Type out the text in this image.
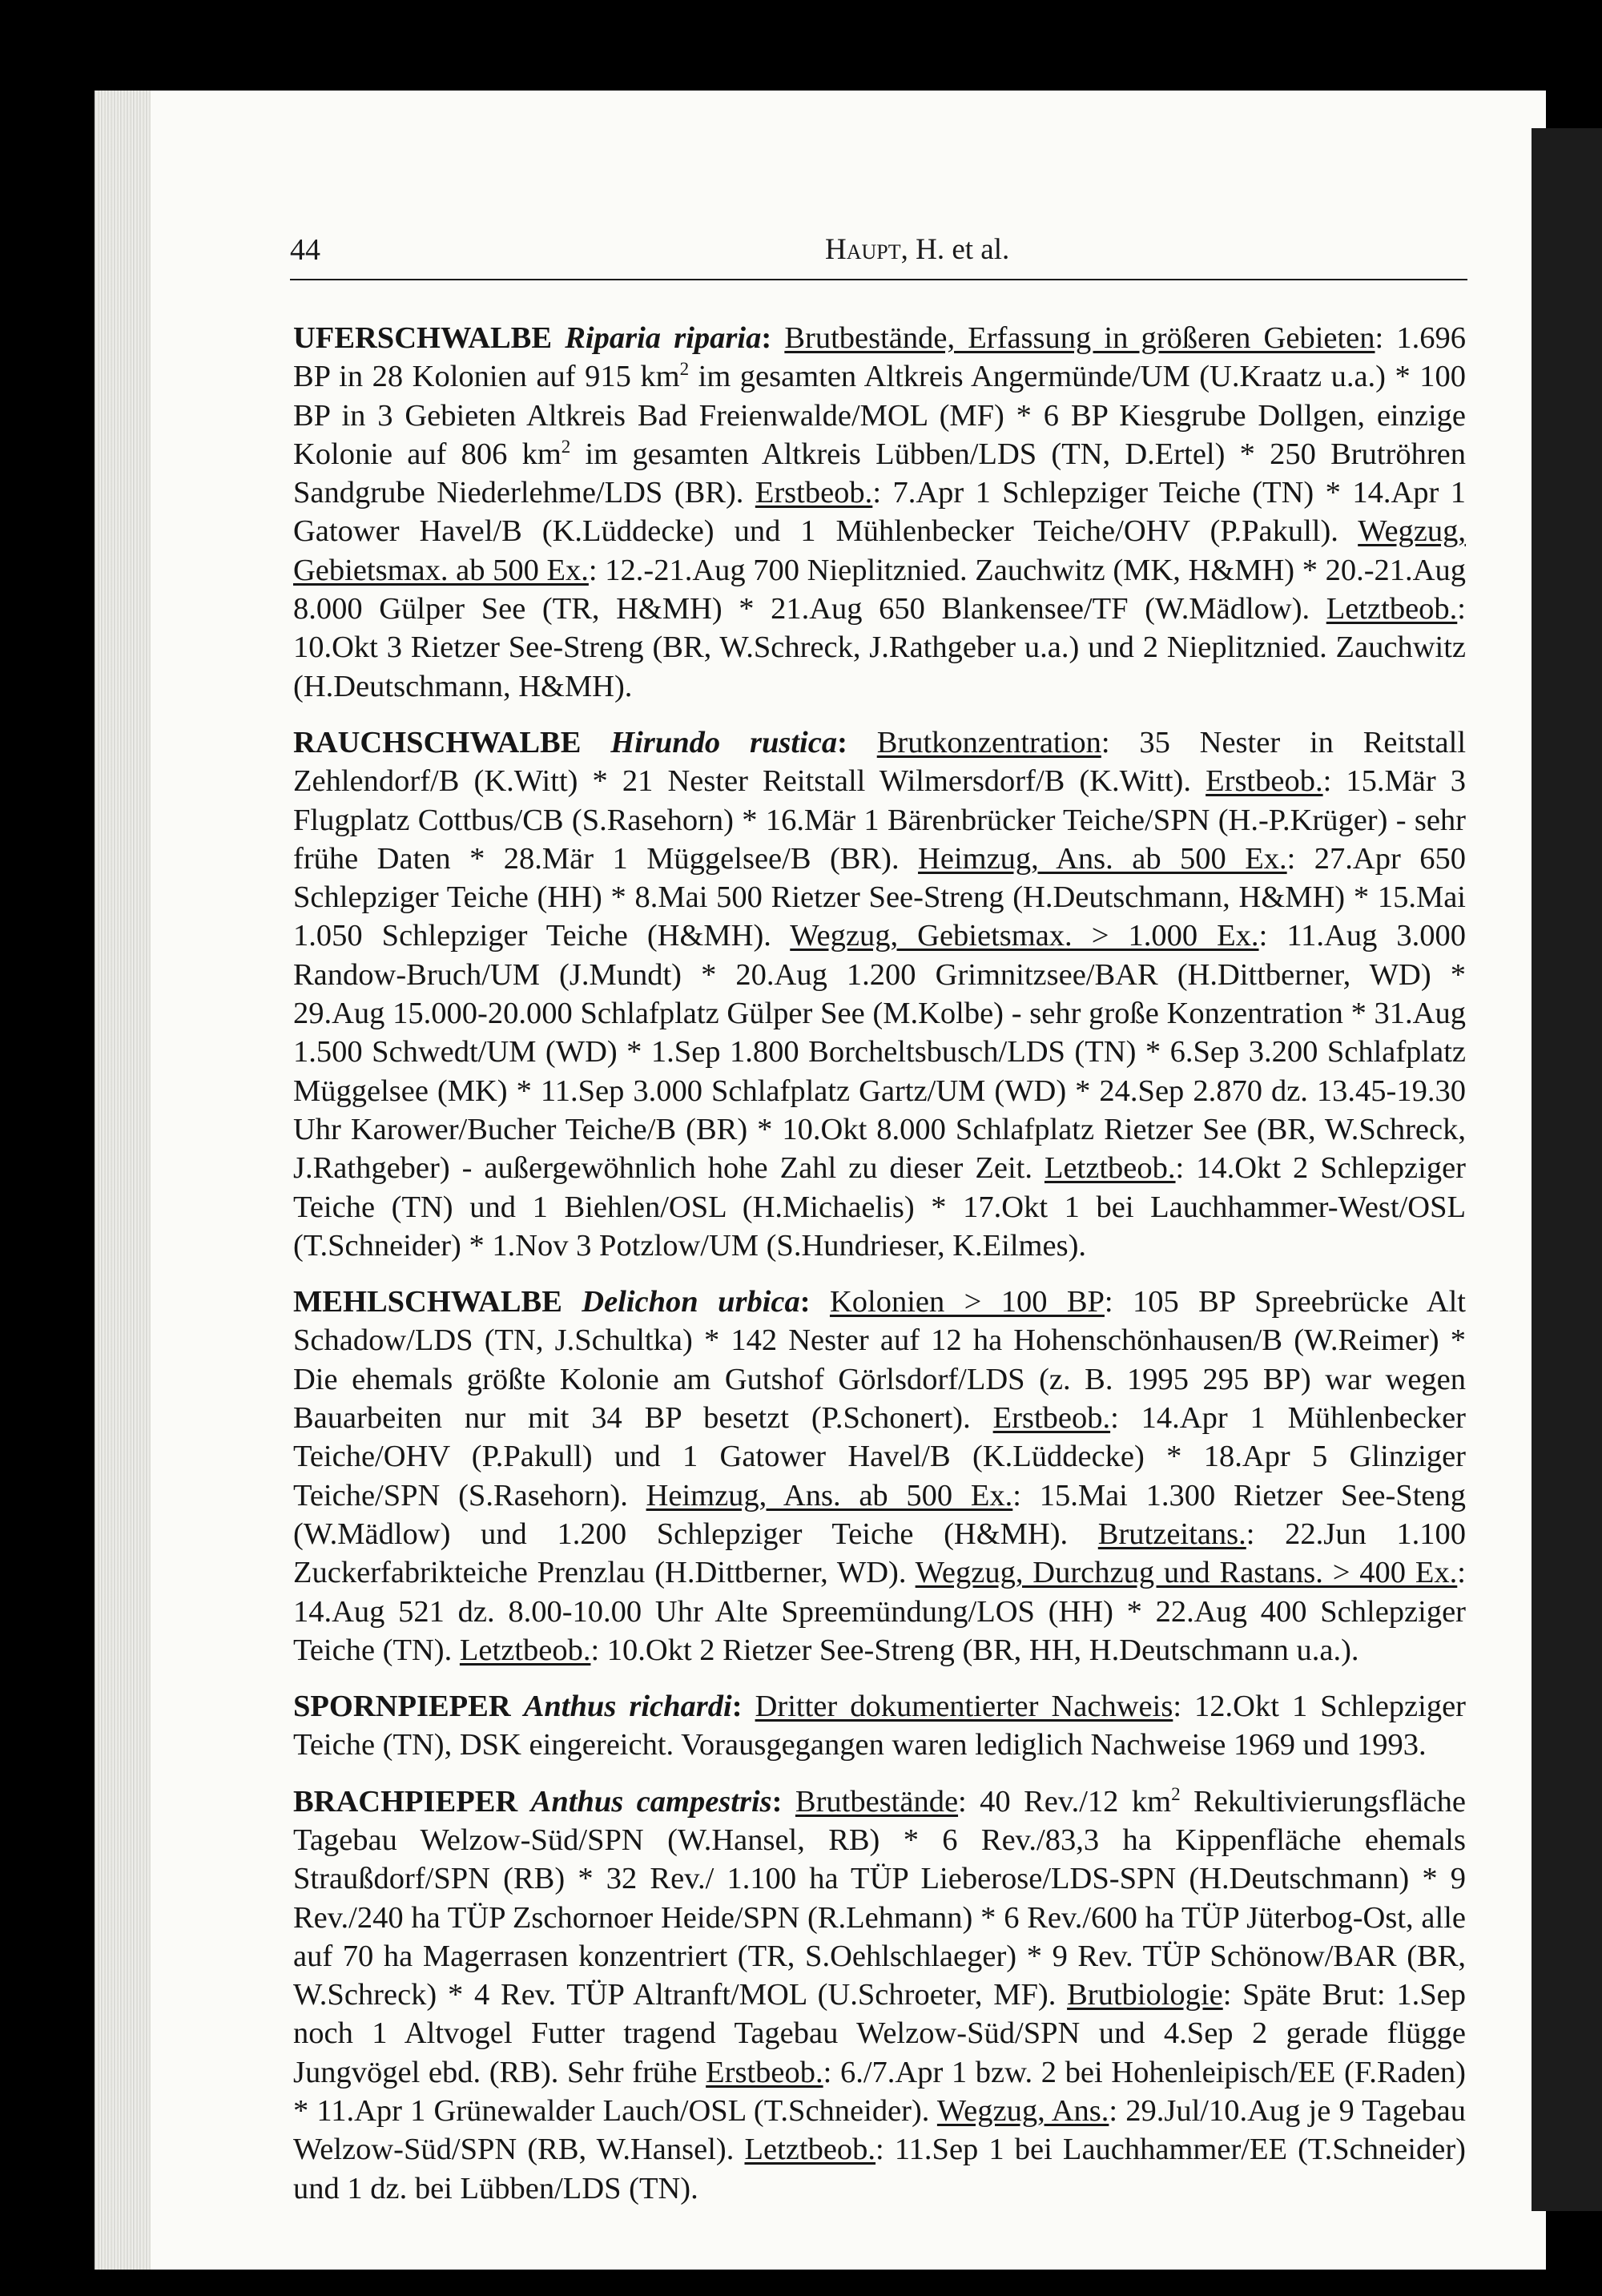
44	Haupt, H. et al.

UFERSCHWALBE Riparia riparia: Brutbestände, Erfassung in größeren Gebieten: 1.696 BP in 28 Kolonien auf 915 $km^2$ im gesamten Altkreis Angermünde/UM (U.Kraatz u.a.) * 100 BP in 3 Gebieten Altkreis Bad Freienwalde/MOL (MF) * 6 BP Kiesgrube Dollgen, einzige Kolonie auf 806 $km^2$ im gesamten Altkreis Lübben/LDS (TN, D.Ertel) * 250 Brutröhren Sandgrube Niederlehme/LDS (BR). Erstbeob.: 7.Apr 1 Schlepziger Teiche (TN) * 14.Apr 1 Gatower Havel/B (K.Lüddecke) und 1 Mühlenbecker Teiche/OHV (P.Pakull). Wegzug, Gebietsmax. ab 500 Ex.: 12.-21.Aug 700 Nieplitznied. Zauchwitz (MK, H&MH) * 20.-21.Aug 8.000 Gülper See (TR, H&MH) * 21.Aug 650 Blankensee/TF (W.Mädlow). Letztbeob.: 10.Okt 3 Rietzer See-Streng (BR, W.Schreck, J.Rathgeber u.a.) und 2 Nieplitznied. Zauchwitz (H.Deutschmann, H&MH).

RAUCHSCHWALBE Hirundo rustica: Brutkonzentration: 35 Nester in Reitstall Zehlendorf/B (K.Witt) * 21 Nester Reitstall Wilmersdorf/B (K.Witt). Erstbeob.: 15.Mär 3 Flugplatz Cottbus/CB (S.Rasehorn) * 16.Mär 1 Bärenbrücker Teiche/SPN (H.-P.Krüger) - sehr frühe Daten * 28.Mär 1 Müggelsee/B (BR). Heimzug, Ans. ab 500 Ex.: 27.Apr 650 Schlepziger Teiche (HH) * 8.Mai 500 Rietzer See-Streng (H.Deutschmann, H&MH) * 15.Mai 1.050 Schlepziger Teiche (H&MH). Wegzug, Gebietsmax. > 1.000 Ex.: 11.Aug 3.000 Randow-Bruch/UM (J.Mundt) * 20.Aug 1.200 Grimnitzsee/BAR (H.Dittberner, WD) * 29.Aug 15.000-20.000 Schlafplatz Gülper See (M.Kolbe) - sehr große Konzentration * 31.Aug 1.500 Schwedt/UM (WD) * 1.Sep 1.800 Borcheltsbusch/LDS (TN) * 6.Sep 3.200 Schlafplatz Müggelsee (MK) * 11.Sep 3.000 Schlafplatz Gartz/UM (WD) * 24.Sep 2.870 dz. 13.45-19.30 Uhr Karower/Bucher Teiche/B (BR) * 10.Okt 8.000 Schlafplatz Rietzer See (BR, W.Schreck, J.Rathgeber) - außergewöhnlich hohe Zahl zu dieser Zeit. Letztbeob.: 14.Okt 2 Schlepziger Teiche (TN) und 1 Biehlen/OSL (H.Michaelis) * 17.Okt 1 bei Lauchhammer-West/OSL (T.Schneider) * 1.Nov 3 Potzlow/UM (S.Hundrieser, K.Eilmes).

MEHLSCHWALBE Delichon urbica: Kolonien > 100 BP: 105 BP Spreebrücke Alt Schadow/LDS (TN, J.Schultka) * 142 Nester auf 12 ha Hohenschönhausen/B (W.Reimer) * Die ehemals größte Kolonie am Gutshof Görlsdorf/LDS (z. B. 1995 295 BP) war wegen Bauarbeiten nur mit 34 BP besetzt (P.Schonert). Erstbeob.: 14.Apr 1 Mühlenbecker Teiche/OHV (P.Pakull) und 1 Gatower Havel/B (K.Lüddecke) * 18.Apr 5 Glinziger Teiche/SPN (S.Rasehorn). Heimzug, Ans. ab 500 Ex.: 15.Mai 1.300 Rietzer See-Steng (W.Mädlow) und 1.200 Schlepziger Teiche (H&MH). Brutzeitans.: 22.Jun 1.100 Zuckerfabrikteiche Prenzlau (H.Dittberner, WD). Wegzug, Durchzug und Rastans. > 400 Ex.: 14.Aug 521 dz. 8.00-10.00 Uhr Alte Spreemündung/LOS (HH) * 22.Aug 400 Schlepziger Teiche (TN). Letztbeob.: 10.Okt 2 Rietzer See-Streng (BR, HH, H.Deutschmann u.a.).

SPORNPIEPER Anthus richardi: Dritter dokumentierter Nachweis: 12.Okt 1 Schlepziger Teiche (TN), DSK eingereicht. Vorausgegangen waren lediglich Nachweise 1969 und 1993.

BRACHPIEPER Anthus campestris: Brutbestände: 40 Rev./12 $km^2$ Rekultivierungsfläche Tagebau Welzow-Süd/SPN (W.Hansel, RB) * 6 Rev./83,3 ha Kippenfläche ehemals Straußdorf/SPN (RB) * 32 Rev./ 1.100 ha TÜP Lieberose/LDS-SPN (H.Deutschmann) * 9 Rev./240 ha TÜP Zschornoer Heide/SPN (R.Lehmann) * 6 Rev./600 ha TÜP Jüterbog-Ost, alle auf 70 ha Magerrasen konzentriert (TR, S.Oehlschlaeger) * 9 Rev. TÜP Schönow/BAR (BR, W.Schreck) * 4 Rev. TÜP Altranft/MOL (U.Schroeter, MF). Brutbiologie: Späte Brut: 1.Sep noch 1 Altvogel Futter tragend Tagebau Welzow-Süd/SPN und 4.Sep 2 gerade flügge Jungvögel ebd. (RB). Sehr frühe Erstbeob.: 6./7.Apr 1 bzw. 2 bei Hohenleipisch/EE (F.Raden) * 11.Apr 1 Grünewalder Lauch/OSL (T.Schneider). Wegzug, Ans.: 29.Jul/10.Aug je 9 Tagebau Welzow-Süd/SPN (RB, W.Hansel). Letztbeob.: 11.Sep 1 bei Lauchhammer/EE (T.Schneider) und 1 dz. bei Lübben/LDS (TN).
